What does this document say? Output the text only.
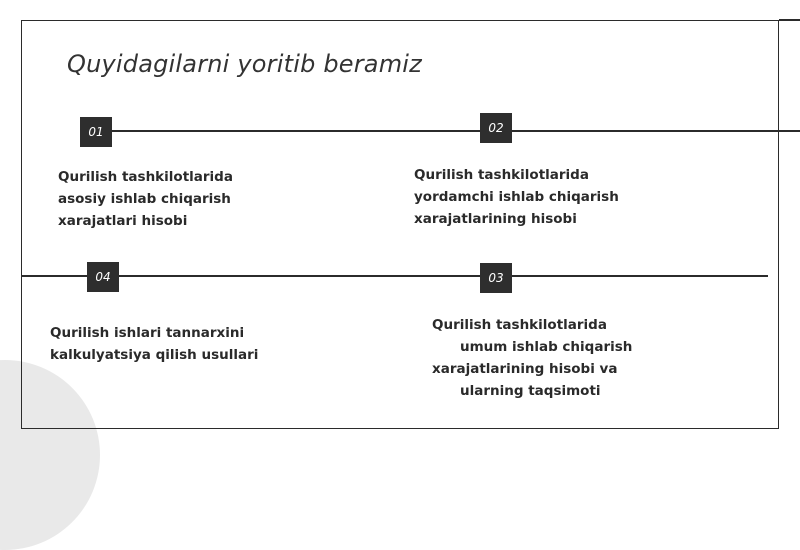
Quyidagilarni yoritib beramiz
01	02
03
04
Qurilish tashkilotlarida
asosiy ishlab chiqarish
xarajatlari hisobi
Qurilish tashkilotlarida
yordamchi ishlab chiqarish
xarajatlarining hisobi
Qurilish tashkilotlarida
umum ishlab chiqarish
xarajatlarining hisobi va
ularning taqsimoti
Qurilish ishlari tannarxini
kalkulyatsiya qilish usullari
